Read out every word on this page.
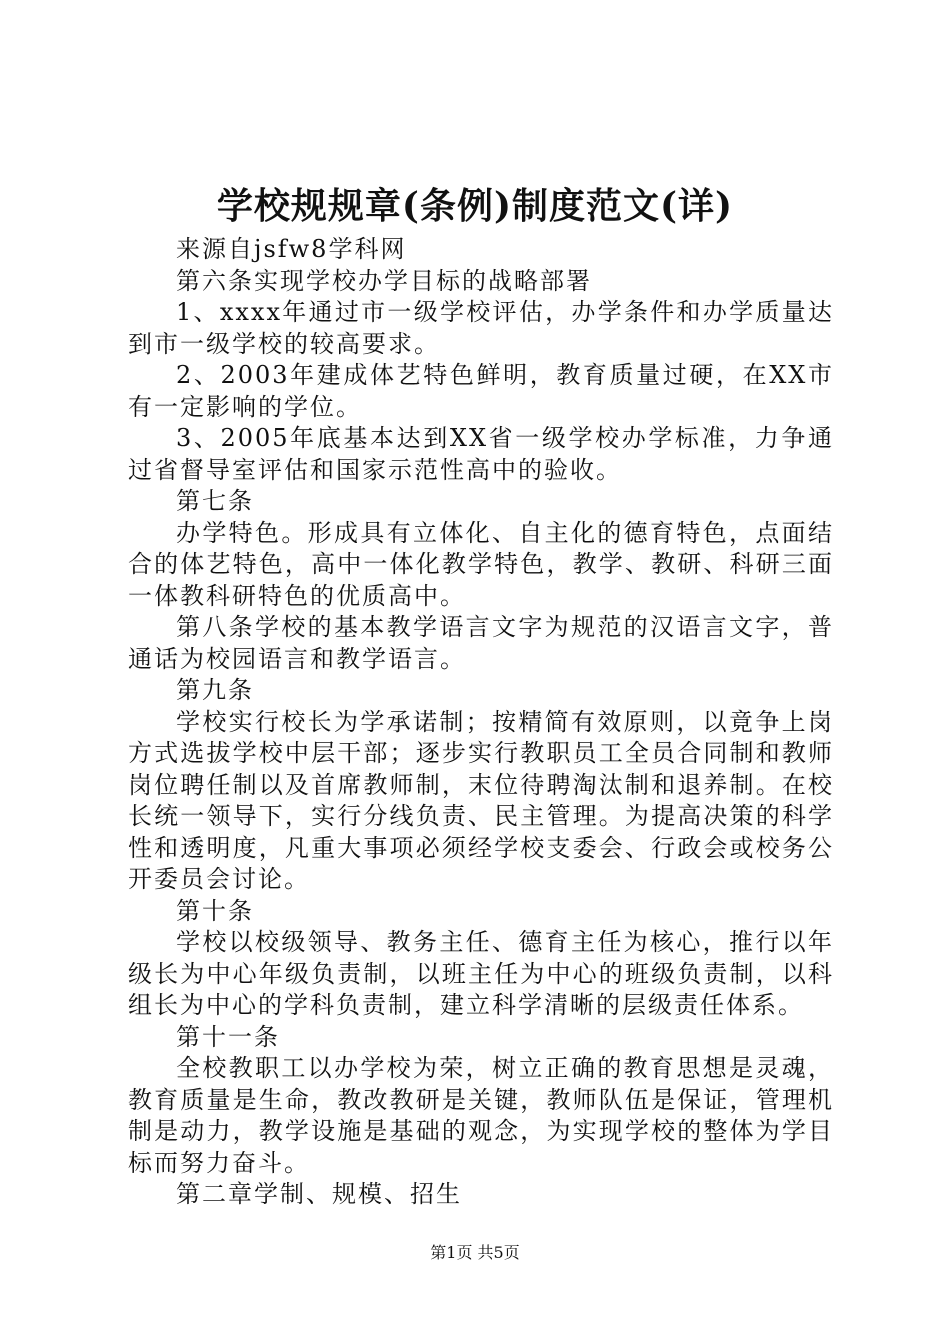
学校规规章(条例)制度范文(详)

来源自jsfw8学科网

第六条实现学校办学目标的战略部署

1、xxxx年通过市一级学校评估，办学条件和办学质量达到市一级学校的较高要求。

2、2003年建成体艺特色鲜明，教育质量过硬，在XX市有一定影响的学位。

3、2005年底基本达到XX省一级学校办学标准，力争通过省督导室评估和国家示范性高中的验收。

第七条

办学特色。形成具有立体化、自主化的德育特色，点面结合的体艺特色，高中一体化教学特色，教学、教研、科研三面一体教科研特色的优质高中。

第八条学校的基本教学语言文字为规范的汉语言文字，普通话为校园语言和教学语言。

第九条

学校实行校长为学承诺制；按精简有效原则，以竟争上岗方式选拔学校中层干部；逐步实行教职员工全员合同制和教师岗位聘任制以及首席教师制，末位待聘淘汰制和退养制。在校长统一领导下，实行分线负责、民主管理。为提高决策的科学性和透明度，凡重大事项必须经学校支委会、行政会或校务公开委员会讨论。

第十条

学校以校级领导、教务主任、德育主任为核心，推行以年级长为中心年级负责制，以班主任为中心的班级负责制，以科组长为中心的学科负责制，建立科学清晰的层级责任体系。

第十一条

全校教职工以办学校为荣，树立正确的教育思想是灵魂，教育质量是生命，教改教研是关键，教师队伍是保证，管理机制是动力，教学设施是基础的观念，为实现学校的整体为学目标而努力奋斗。

第二章学制、规模、招生

第1页 共5页
